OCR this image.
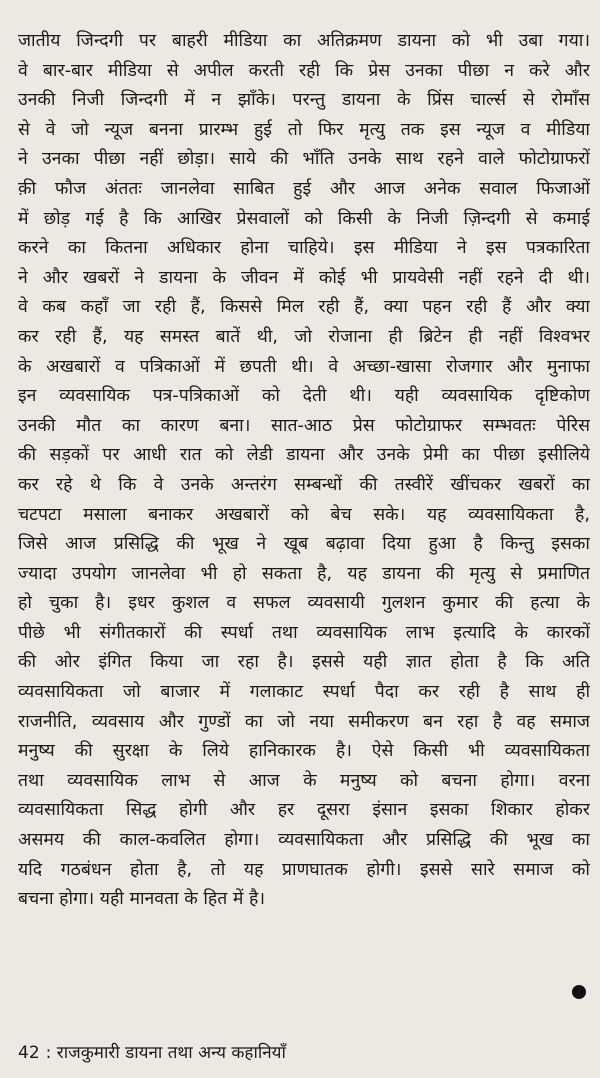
जातीय जिन्दगी पर बाहरी मीडिया का अतिक्रमण डायना को भी उबा गया।
वे बार-बार मीडिया से अपील करती रही कि प्रेस उनका पीछा न करे और
उनकी निजी जिन्दगी में न झाँके। परन्तु डायना के प्रिंस चार्ल्स से रोमाँस
से वे जो न्यूज बनना प्रारम्भ हुई तो फिर मृत्यु तक इस न्यूज व मीडिया
ने उनका पीछा नहीं छोड़ा। साये की भाँति उनके साथ रहने वाले फोटोग्राफरों
क़ी फौज अंततः जानलेवा साबित हुई और आज अनेक सवाल फिजाओं
में छोड़ गई है कि आखिर प्रेसवालों को किसी के निजी ज़िन्दगी से कमाई
करने का कितना अधिकार होना चाहिये। इस मीडिया ने इस पत्रकारिता
ने और खबरों ने डायना के जीवन में कोई भी प्रायवेसी नहीं रहने दी थी।
वे कब कहाँ जा रही हैं, किससे मिल रही हैं, क्या पहन रही हैं और क्या
कर रही हैं, यह समस्त बातें थी, जो रोजाना ही ब्रिटेन ही नहीं विश्वभर
के अखबारों व पत्रिकाओं में छपती थी। वे अच्छा-खासा रोजगार और मुनाफा
इन व्यवसायिक पत्र-पत्रिकाओं को देती थी। यही व्यवसायिक दृष्टिकोण
उनकी मौत का कारण बना। सात-आठ प्रेस फोटोग्राफर सम्भवतः पेरिस
की सड़कों पर आधी रात को लेडी डायना और उनके प्रेमी का पीछा इसीलिये
कर रहे थे कि वे उनके अन्तरंग सम्बन्धों की तस्वीरें खींचकर खबरों का
चटपटा मसाला बनाकर अखबारों को बेच सके। यह व्यवसायिकता है,
जिसे आज प्रसिद्धि की भूख ने खूब बढ़ावा दिया हुआ है किन्तु इसका
ज्यादा उपयोग जानलेवा भी हो सकता है, यह डायना की मृत्यु से प्रमाणित
हो चुका है। इधर कुशल व सफल व्यवसायी गुलशन कुमार की हत्या के
पीछे भी संगीतकारों की स्पर्धा तथा व्यवसायिक लाभ इत्यादि के कारकों
की ओर इंगित किया जा रहा है। इससे यही ज्ञात होता है कि अति
व्यवसायिकता जो बाजार में गलाकाट स्पर्धा पैदा कर रही है साथ ही
राजनीति, व्यवसाय और गुण्डों का जो नया समीकरण बन रहा है वह समाज
मनुष्य की सुरक्षा के लिये हानिकारक है। ऐसे किसी भी व्यवसायिकता
तथा व्यवसायिक लाभ से आज के मनुष्य को बचना होगा। वरना
व्यवसायिकता सिद्ध होगी और हर दूसरा इंसान इसका शिकार होकर
असमय की काल-कवलित होगा। व्यवसायिकता और प्रसिद्धि की भूख का
यदि गठबंधन होता है, तो यह प्राणघातक होगी। इससे सारे समाज को
बचना होगा। यही मानवता के हित में है।
42 : राजकुमारी डायना तथा अन्य कहानियाँ
